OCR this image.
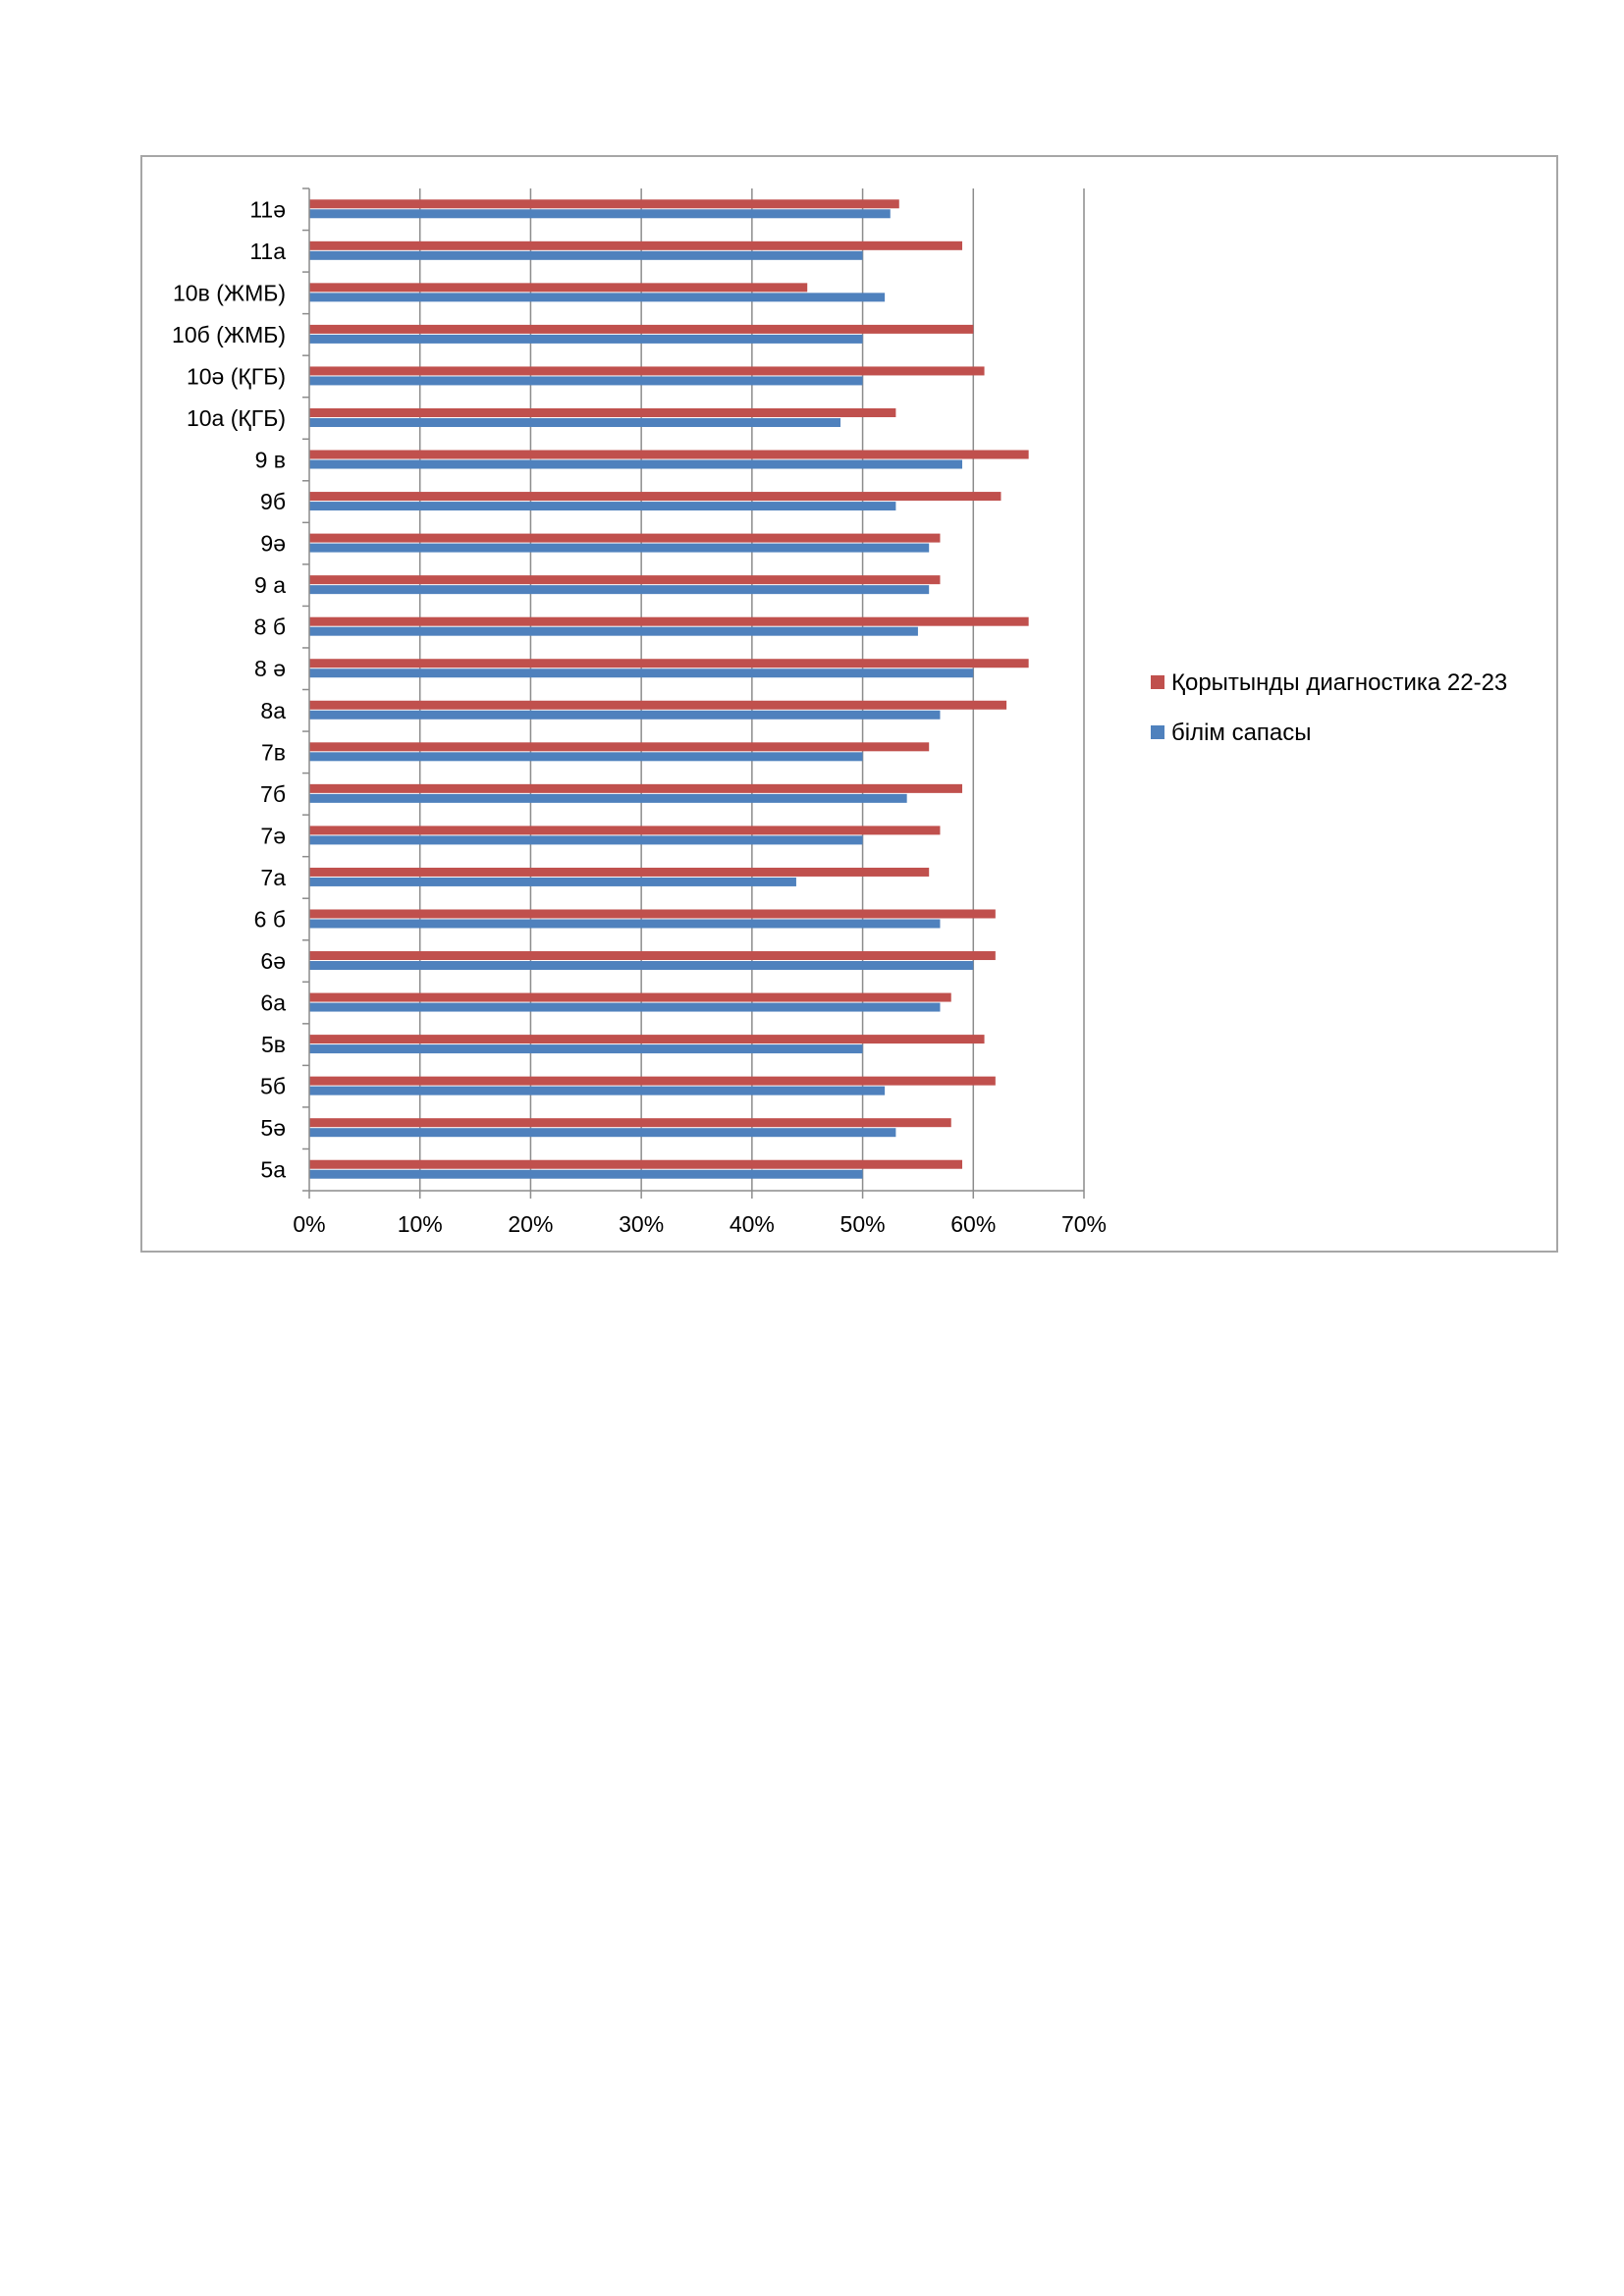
0%	10%	20%	30%	40%	50%	60%	70%
5а
5ә
5б
5в
6а
6ә
6 б
7а
7ә
7б
7в
8а
8 ә
8 б
9 а
9ә
9б
9 в
10а (ҚГБ)
10ә (ҚГБ)
10б (ЖМБ)
10в (ЖМБ)
11а
11ә
Қорытынды диагностика 22-23
білім сапасы
